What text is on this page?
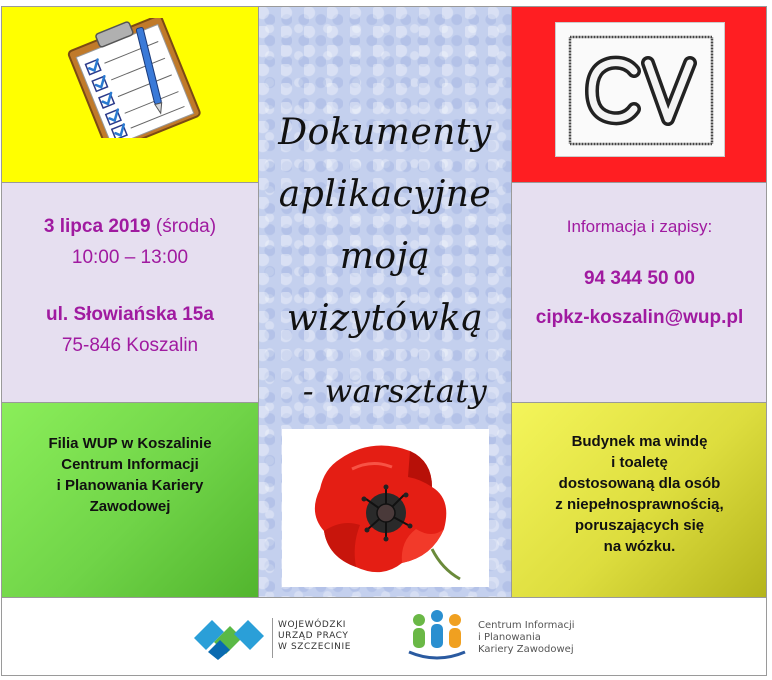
Dokumenty
aplikacyjne
moją
wizytówką
- warsztaty
3 lipca 2019 (środa)
10:00 – 13:00
ul. Słowiańska 15a
75-846 Koszalin
Informacja i zapisy:
94 344 50 00
cipkz-koszalin@wup.pl
Filia WUP w Koszalinie
Centrum Informacji
i Planowania Kariery
Zawodowej
Budynek ma windę
i toaletę
dostosowaną dla osób
z niepełnosprawnością,
poruszających się
na wózku.
WOJEWÓDZKI
URZĄD PRACY
W SZCZECINIE
Centrum Informacji
i Planowania
Kariery Zawodowej
